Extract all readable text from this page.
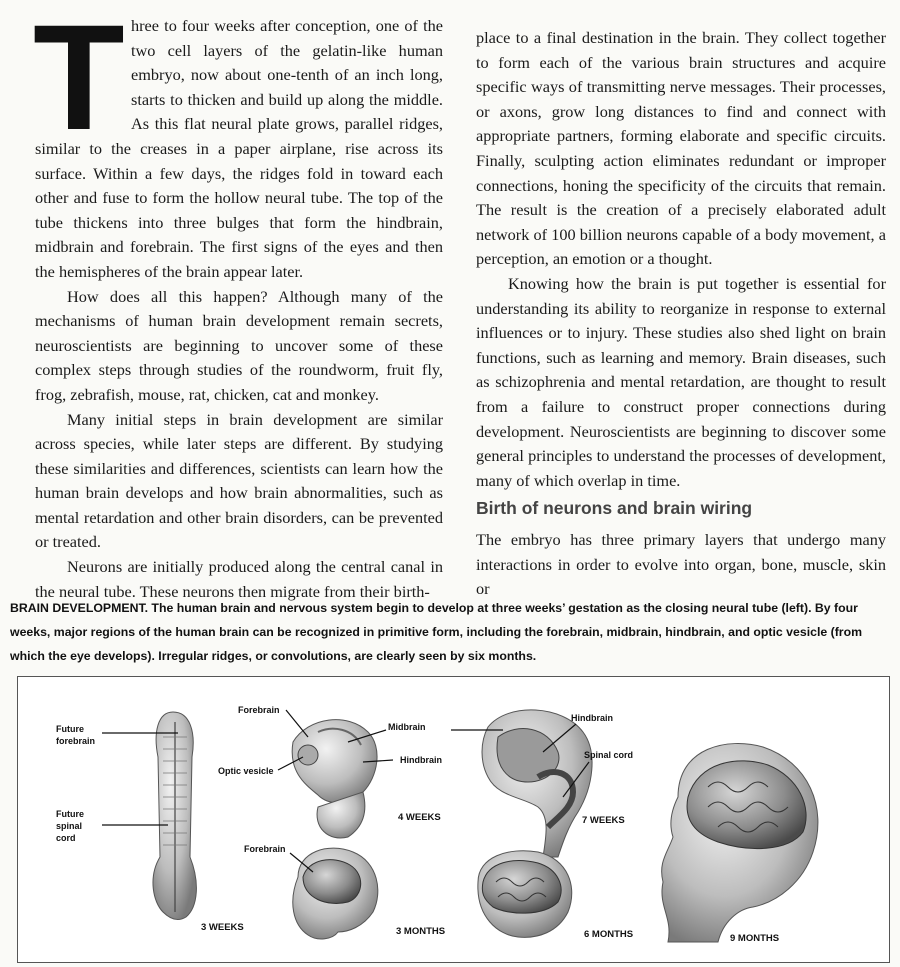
T hree to four weeks after conception, one of the two cell layers of the gelatin-like human embryo, now about one-tenth of an inch long, starts to thicken and build up along the middle. As this flat neural plate grows, parallel ridges, similar to the creases in a paper airplane, rise across its surface. Within a few days, the ridges fold in toward each other and fuse to form the hollow neural tube. The top of the tube thickens into three bulges that form the hindbrain, midbrain and forebrain. The first signs of the eyes and then the hemispheres of the brain appear later.

How does all this happen? Although many of the mechanisms of human brain development remain secrets, neuroscientists are beginning to uncover some of these complex steps through studies of the roundworm, fruit fly, frog, zebrafish, mouse, rat, chicken, cat and monkey.

Many initial steps in brain development are similar across species, while later steps are different. By studying these similarities and differences, scientists can learn how the human brain develops and how brain abnormalities, such as mental retardation and other brain disorders, can be prevented or treated.

Neurons are initially produced along the central canal in the neural tube. These neurons then migrate from their birth-

place to a final destination in the brain. They collect together to form each of the various brain structures and acquire specific ways of transmitting nerve messages. Their processes, or axons, grow long distances to find and connect with appropriate partners, forming elaborate and specific circuits. Finally, sculpting action eliminates redundant or improper connections, honing the specificity of the circuits that remain. The result is the creation of a precisely elaborated adult network of 100 billion neurons capable of a body movement, a perception, an emotion or a thought.

Knowing how the brain is put together is essential for understanding its ability to reorganize in response to external influences or to injury. These studies also shed light on brain functions, such as learning and memory. Brain diseases, such as schizophrenia and mental retardation, are thought to result from a failure to construct proper connections during development. Neuroscientists are beginning to discover some general principles to understand the processes of development, many of which overlap in time.

Birth of neurons and brain wiring

The embryo has three primary layers that undergo many interactions in order to evolve into organ, bone, muscle, skin or

BRAIN DEVELOPMENT. The human brain and nervous system begin to develop at three weeks’ gestation as the closing neural tube (left). By four weeks, major regions of the human brain can be recognized in primitive form, including the forebrain, midbrain, hindbrain, and optic vesicle (from which the eye develops). Irregular ridges, or convolutions, are clearly seen by six months.
Future
forebrain
Future
spinal
cord
Forebrain
Midbrain
Optic vesicle
Hindbrain
Hindbrain
Spinal cord
Forebrain
3 WEEKS
4 WEEKS	7 WEEKS
3 MONTHS	6 MONTHS	9 MONTHS
